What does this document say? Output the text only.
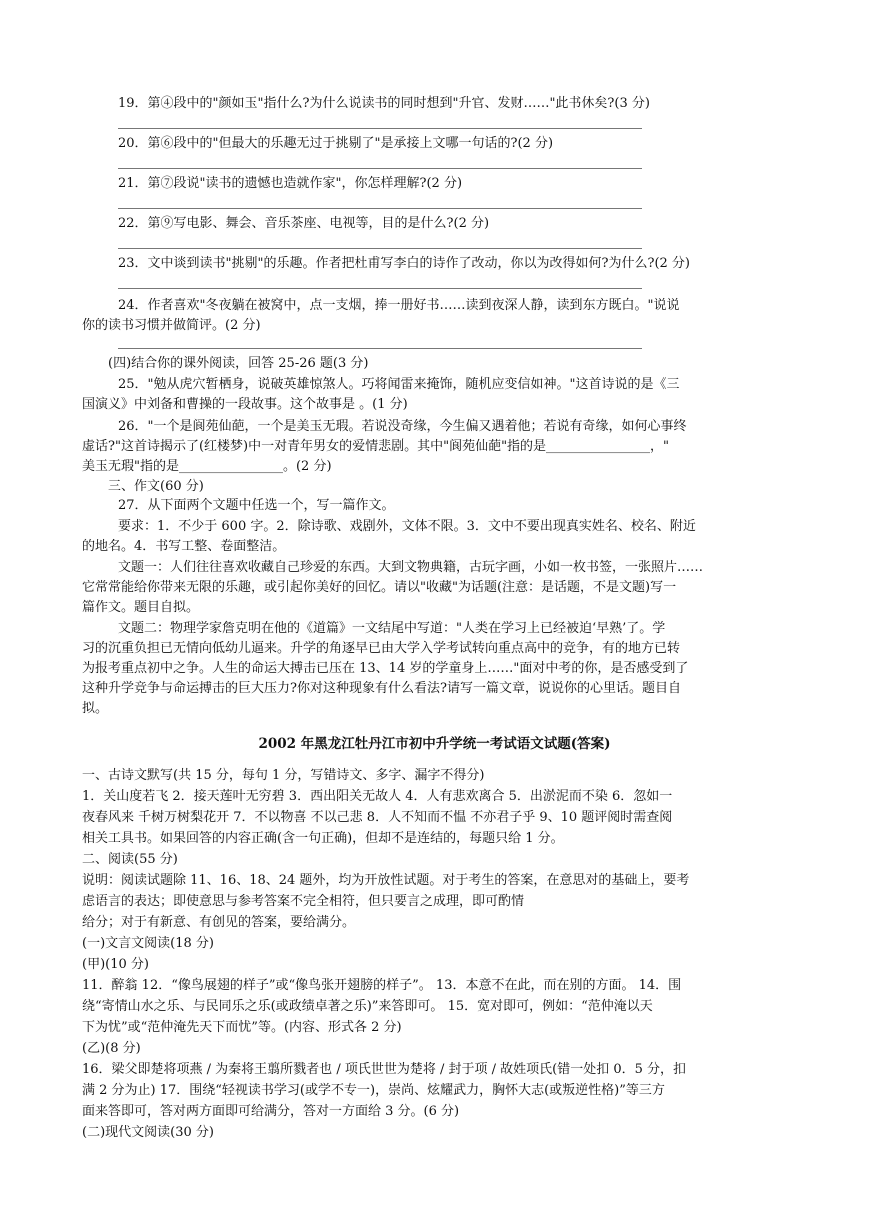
19．第④段中的"颜如玉"指什么?为什么说读书的同时想到"升官、发财……"此书休矣?(3 分)
20．第⑥段中的"但最大的乐趣无过于挑剔了"是承接上文哪一句话的?(2 分)
21．第⑦段说"读书的遗憾也造就作家"，你怎样理解?(2 分)
22．第⑨写电影、舞会、音乐茶座、电视等，目的是什么?(2 分)
23．文中谈到读书"挑剔"的乐趣。作者把杜甫写李白的诗作了改动，你以为改得如何?为什么?(2 分)
24．作者喜欢"冬夜躺在被窝中，点一支烟，捧一册好书……读到夜深人静，读到东方既白。"说说
你的读书习惯并做简评。(2 分)
(四)结合你的课外阅读，回答 25-26 题(3 分)
25．"勉从虎穴暂栖身，说破英雄惊煞人。巧将闻雷来掩饰，随机应变信如神。"这首诗说的是《三
国演义》中刘备和曹操的一段故事。这个故事是 。(1 分)
26．"一个是阆苑仙葩，一个是美玉无瑕。若说没奇缘，今生偏又遇着他；若说有奇缘，如何心事终
虚话?"这首诗揭示了(红楼梦)中一对青年男女的爱情悲剧。其中"阆苑仙葩"指的是________________，"
美玉无瑕"指的是________________。(2 分)
三、作文(60 分)
27．从下面两个文题中任选一个，写一篇作文。
要求：1．不少于 600 字。2．除诗歌、戏剧外，文体不限。3．文中不要出现真实姓名、校名、附近
的地名。4．书写工整、卷面整洁。
文题一：人们往往喜欢收藏自己珍爱的东西。大到文物典籍，古玩字画，小如一枚书签，一张照片……
它常常能给你带来无限的乐趣，或引起你美好的回忆。请以"收藏"为话题(注意：是话题，不是文题)写一
篇作文。题目自拟。
文题二：物理学家詹克明在他的《道篇》一文结尾中写道："人类在学习上已经被迫‘早熟’了。学
习的沉重负担已无情向低幼儿逼来。升学的角逐早已由大学入学考试转向重点高中的竞争，有的地方已转
为报考重点初中之争。人生的命运大搏击已压在 13、14 岁的学童身上……"面对中考的你，是否感受到了
这种升学竞争与命运搏击的巨大压力?你对这种现象有什么看法?请写一篇文章，说说你的心里话。题目自
拟。
2002 年黑龙江牡丹江市初中升学统一考试语文试题(答案)
一、古诗文默写(共 15 分，每句 1 分，写错诗文、多字、漏字不得分)
1．关山度若飞 2．接天莲叶无穷碧 3．西出阳关无故人 4．人有悲欢离合 5．出淤泥而不染 6．忽如一
夜春风来 千树万树梨花开 7．不以物喜 不以己悲 8．人不知而不愠 不亦君子乎 9、10 题评阅时需查阅
相关工具书。如果回答的内容正确(含一句正确)，但却不是连结的，每题只给 1 分。
二、阅读(55 分)
说明：阅读试题除 11、16、18、24 题外，均为开放性试题。对于考生的答案，在意思对的基础上，要考
虑语言的表达；即使意思与参考答案不完全相符，但只要言之成理，即可酌情
给分；对于有新意、有创见的答案，要给满分。
(一)文言文阅读(18 分)
(甲)(10 分)
11．醉翁 12．“像鸟展翅的样子”或“像鸟张开翅膀的样子”。 13．本意不在此，而在别的方面。 14．围
绕“寄情山水之乐、与民同乐之乐(或政绩卓著之乐)”来答即可。 15．宽对即可，例如：“范仲淹以天
下为忧”或“范仲淹先天下而忧”等。(内容、形式各 2 分)
(乙)(8 分)
16．梁父即楚将项燕 / 为秦将王翦所戮者也 / 项氏世世为楚将 / 封于项 / 故姓项氏(错一处扣 0．5 分，扣
满 2 分为止) 17．围绕“轻视读书学习(或学不专一)，崇尚、炫耀武力，胸怀大志(或叛逆性格)”等三方
面来答即可，答对两方面即可给满分，答对一方面给 3 分。(6 分)
(二)现代文阅读(30 分)
